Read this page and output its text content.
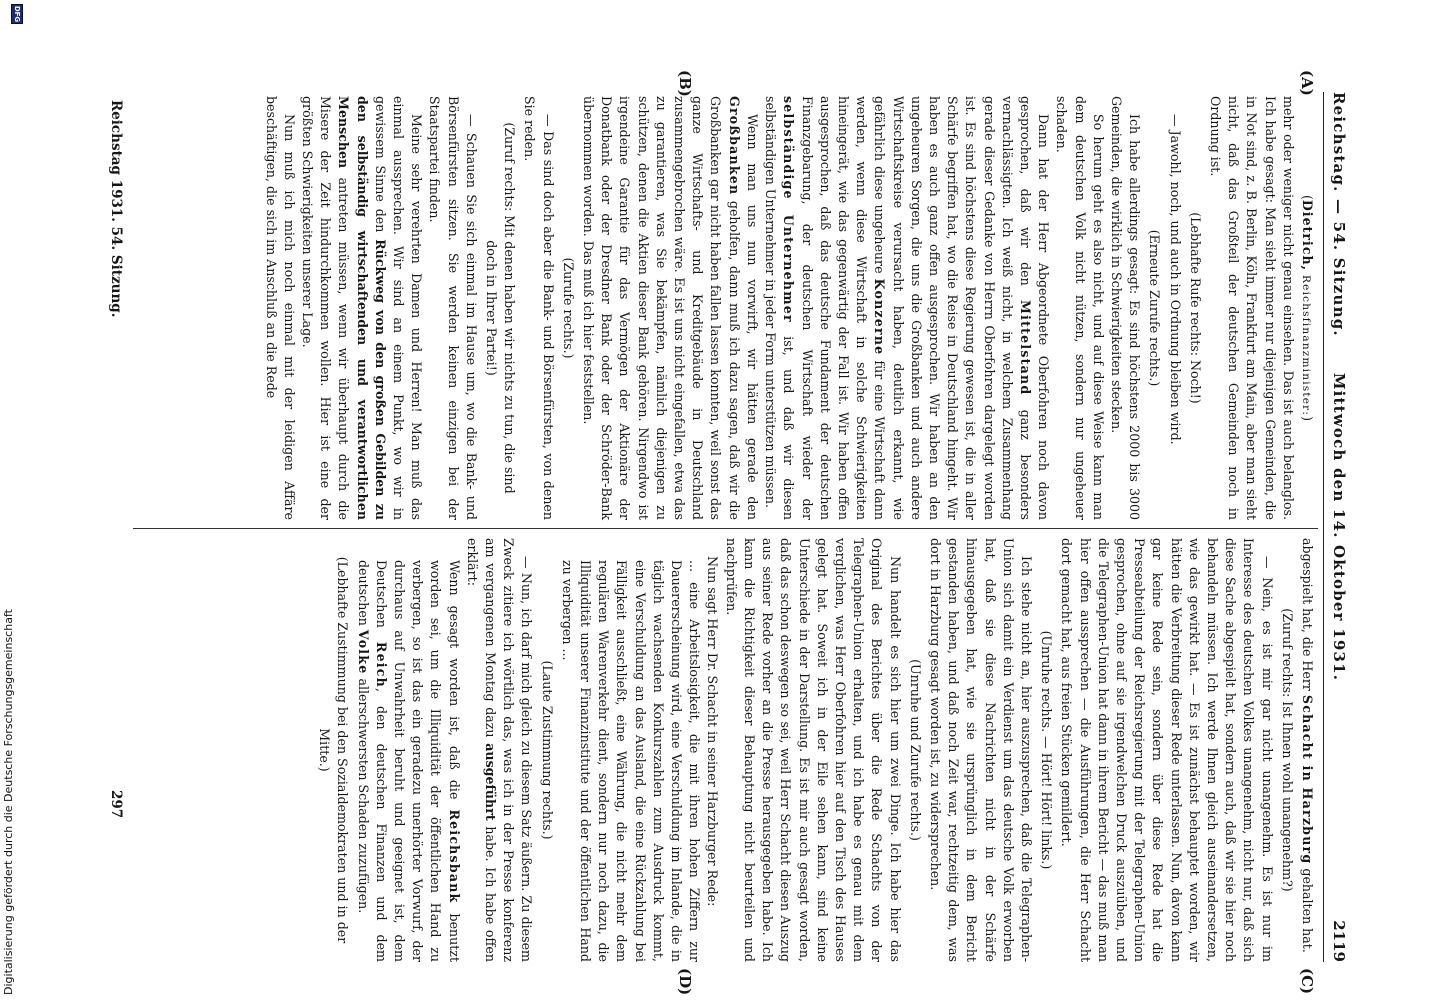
Reichstag. — 54. Sitzung.
Mittwoch den 14. Oktober 1931.
2119
(A)
(B)
(C)
(D)

(Dietrich, Reichsfinanzminister:)

mehr oder weniger nicht genau einsehen. Das ist auch belanglos. Ich habe gesagt: Man sieht immer nur diejenigen Gemeinden, die in Not sind, z. B. Berlin, Köln, Frankfurt am Main, aber man sieht nicht, daß das Großteil der deutschen Gemeinden noch in Ordnung ist.

(Lebhafte Rufe rechts: Noch!)

— Jawohl, noch, und auch in Ordnung bleiben wird.

(Erneute Zurufe rechts.)

Ich habe allerdings gesagt: Es sind höchstens 2000 bis 3000 Gemeinden, die wirklich in Schwierigkeiten stecken.

So herum geht es also nicht, und auf diese Weise kann man dem deutschen Volk nicht nützen, sondern nur ungeheuer schaden.

Dann hat der Herr Abgeordnete Oberfohren noch davon gesprochen, daß wir den Mittelstand ganz besonders vernachlässigten. Ich weiß nicht, in welchem Zusammenhang gerade dieser Gedanke von Herrn Oberfohren dargelegt worden ist. Es sind höchstens diese Regierung gewesen ist, die in aller Schärfe begriffen hat, wo die Reise in Deutschland hingeht. Wir haben es auch ganz offen ausgesprochen. Wir haben an den ungeheuren Sorgen, die uns die Großbanken und auch andere Wirtschaftskreise verursacht haben, deutlich erkannt, wie gefährlich diese ungeheure Konzerne für eine Wirtschaft dann werden, wenn diese Wirtschaft in solche Schwierigkeiten hineingerät, wie das gegenwärtig der Fall ist. Wir haben offen ausgesprochen, daß das deutsche Fundament der deutschen Finanzgebarung, der deutschen Wirtschaft wieder der selbständige Unternehmer ist, und daß wir diesen selbständigen Unternehmer in jeder Form unterstützen müssen.

Wenn man uns nun vorwirft, wir hätten gerade den Großbanken geholfen, dann muß ich dazu sagen, daß wir die Großbanken gar nicht haben fallen lassen konnten, weil sonst das ganze Wirtschafts- und Kreditgebäude in Deutschland zusammengebrochen wäre. Es ist uns nicht eingefallen, etwa das zu garantieren, was Sie bekämpfen, nämlich diejenigen zu schützen, denen die Aktien dieser Bank gehören. Nirgendwo ist irgendeine Garantie für das Vermögen der Aktionäre der Donatbank oder der Dresdner Bank oder der Schröder-Bank übernommen worden. Das muß ich hier feststellen.

(Zurufe rechts.)

— Das sind doch aber die Bank- und Börsenfürsten, von denen Sie reden.

(Zuruf rechts: Mit denen haben wir nichts zu tun, die sind doch in Ihrer Partei!)

— Schauen Sie sich einmal im Hause um, wo die Bank- und Börsenfürsten sitzen. Sie werden keinen einzigen bei der Staatspartei finden.

Meine sehr verehrten Damen und Herren! Man muß das einmal aussprechen. Wir sind an einem Punkt, wo wir in gewissem Sinne den Rückweg von den großen Gebilden zu den selbständig wirtschaftenden und verantwortlichen Menschen antreten müssen, wenn wir überhaupt durch die Misere der Zeit hindurchkommen wollen. Hier ist eine der größten Schwierigkeiten unserer Lage.

Nun muß ich mich noch einmal mit der leidigen Affäre beschäftigen, die sich im Anschluß an die Rede

abgespielt hat, die Herr Schacht in Harzburg gehalten hat.

(Zuruf rechts: Ist Ihnen wohl unangenehm?)

— Nein, es ist mir gar nicht unangenehm. Es ist nur im Interesse des deutschen Volkes unangenehm, nicht nur, daß sich diese Sache abgespielt hat, sondern auch, daß wir sie hier noch behandeln müssen. Ich werde Ihnen gleich auseinandersetzen, wie das gewirkt hat. — Es ist zunächst behauptet worden, wir hätten die Verbreitung dieser Rede unterlassen. Nun, davon kann gar keine Rede sein, sondern über diese Rede hat die Presseabteilung der Reichsregierung mit der Telegraphen-Union gesprochen, ohne auf sie irgendwelchen Druck auszuüben, und die Telegraphen-Union hat dann in ihrem Bericht — das muß man hier offen aussprechen — die Ausführungen, die Herr Schacht dort gemacht hat, aus freien Stücken gemildert.

(Unruhe rechts. — Hört! Hört! links.)

Ich stehe nicht an, hier auszusprechen, daß die Telegraphen-Union sich damit ein Verdienst um das deutsche Volk erworben hat, daß sie diese Nachrichten nicht in der Schärfe hinausgegeben hat, wie sie ursprünglich in dem Bericht gestanden haben, und daß noch Zeit war, rechtzeitig dem, was dort in Harzburg gesagt worden ist, zu widersprechen.

(Unruhe und Zurufe rechts.)

Nun handelt es sich hier um zwei Dinge. Ich habe hier das Original des Berichtes über die Rede Schachts von der Telegraphen-Union erhalten, und ich habe es genau mit dem verglichen, was Herr Oberfohren hier auf den Tisch des Hauses gelegt hat. Soweit ich in der Eile sehen kann, sind keine Unterschiede in der Darstellung. Es ist mir auch gesagt worden, daß das schon deswegen so sei, weil Herr Schacht diesen Auszug aus seiner Rede vorher an die Presse herausgegeben habe. Ich kann die Richtigkeit dieser Behauptung nicht beurteilen und nachprüfen.

Nun sagt Herr Dr. Schacht in seiner Harzburger Rede:

... eine Arbeitslosigkeit, die mit ihren hohen Ziffern zur Dauererscheinung wird, eine Verschuldung im Inlande, die in täglich wachsenden Konkurszahlen zum Ausdruck kommt, eine Verschuldung an das Ausland, die eine Rückzahlung bei Fälligkeit ausschließt, eine Währung, die nicht mehr dem regulären Warenverkehr dient, sondern nur noch dazu, die Illiquidität unserer Finanzinstitute und der öffentlichen Hand zu verbergen ...

(Laute Zustimmung rechts.)

— Nun, ich darf mich gleich zu diesem Satz äußern. Zu diesem Zweck zitiere ich wörtlich das, was ich in der Presse konferenz am vergangenen Montag dazu ausgeführt habe. Ich habe offen erklärt:

Wenn gesagt worden ist, daß die Reichsbank benutzt worden sei, um die Illiquidität der öffentlichen Hand zu verbergen, so ist das ein geradezu unerhörter Vorwurf, der durchaus auf Unwahrheit beruht und geeignet ist, dem Deutschen Reich, den deutschen Finanzen und dem deutschen Volke allerschwersten Schaden zuzufügen.

(Lebhafte Zustimmung bei den Sozialdemokraten und in der Mitte.)

Reichstag 1931. 54. Sitzung.
297
DFG
Digitalisierung gefördert durch die Deutsche Forschungsgemeinschaft
